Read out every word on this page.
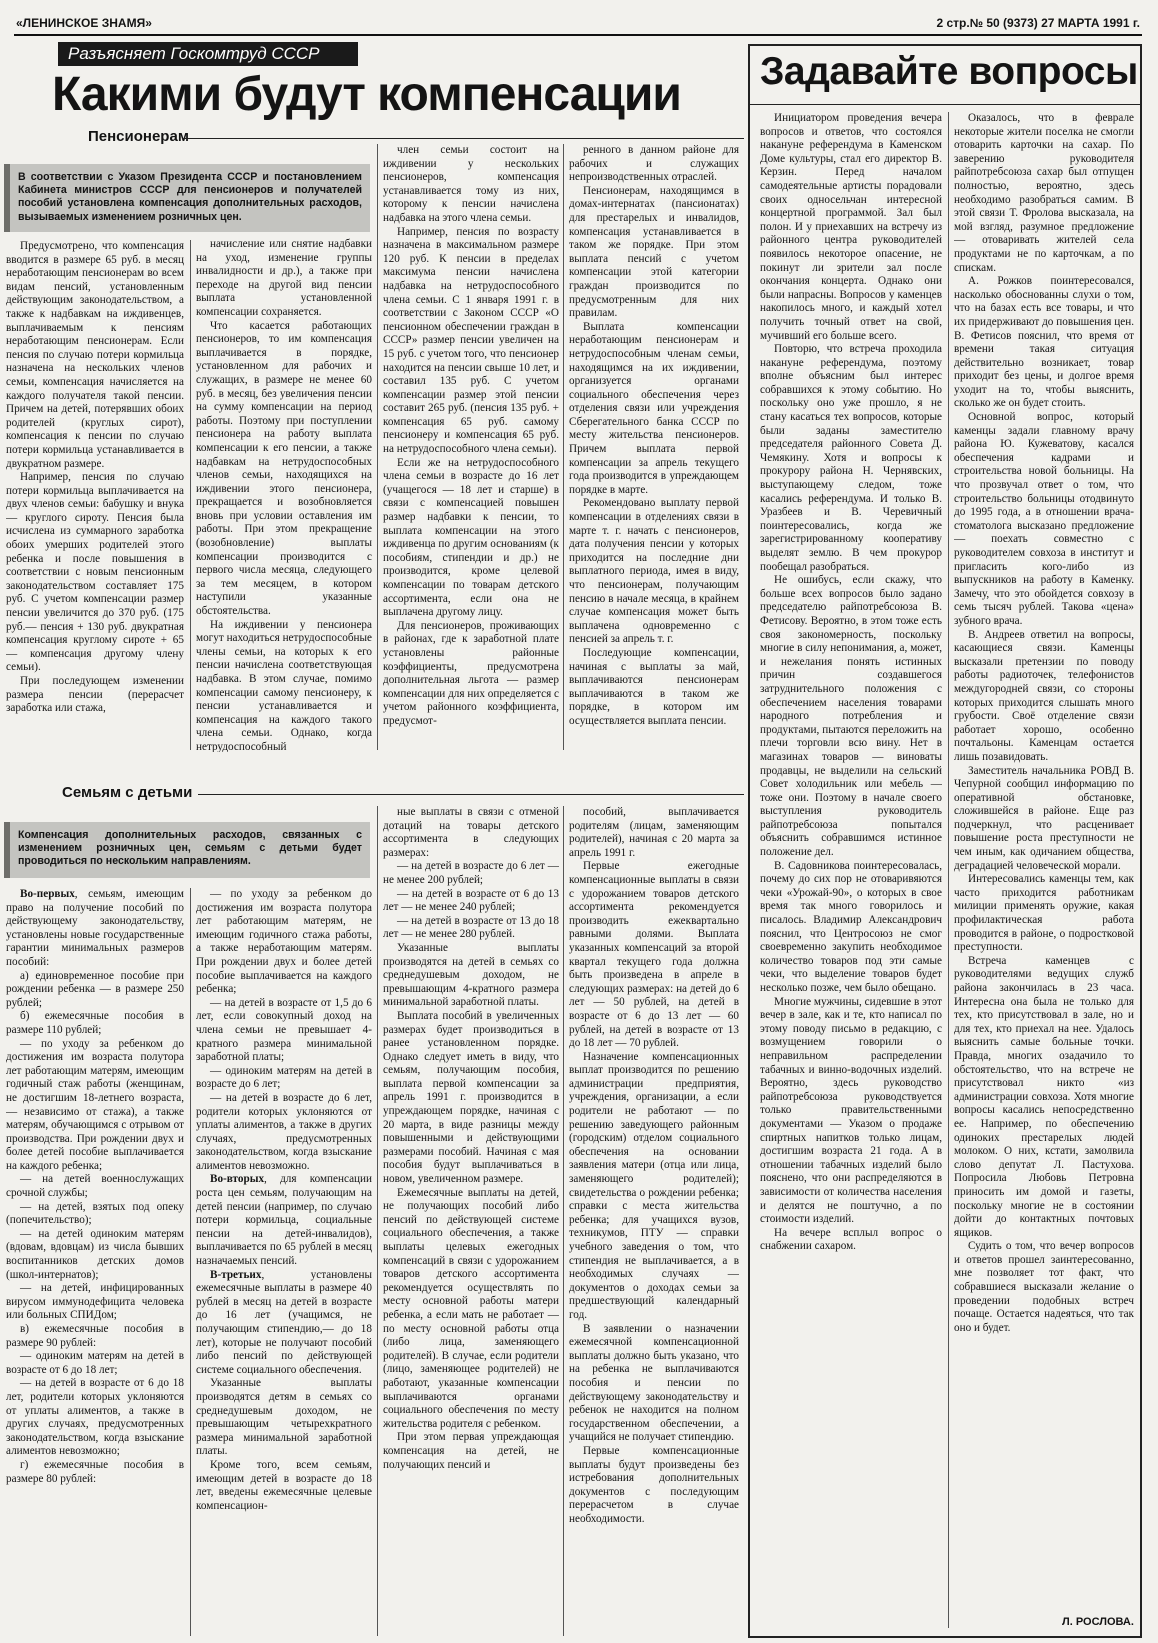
«ЛЕНИНСКОЕ ЗНАМЯ»	2 стр.№ 50 (9373) 27 МАРТА 1991 г.
Разъясняет Госкомтруд СССР
Какими будут компенсации
Пенсионерам
В соответствии с Указом Президента СССР и постановлением Кабинета министров СССР для пенсионеров и получателей пособий установлена компенсация дополнительных расходов, вызываемых изменением розничных цен.

Предусмотрено, что компенсация вводится в размере 65 руб. в месяц неработающим пенсионерам во всем видам пенсий, установленным действующим законодательством, а также к надбавкам на иждивенцев, выплачиваемым к пенсиям неработающим пенсионерам. Если пенсия по случаю потери кормильца назначена на нескольких членов семьи, компенсация начисляется на каждого получателя такой пенсии. Причем на детей, потерявших обоих родителей (круглых сирот), компенсация к пенсии по случаю потери кормильца устанавливается в двукратном размере.

Например, пенсия по случаю потери кормильца выплачивается на двух членов семьи: бабушку и внука — круглого сироту. Пенсия была исчислена из суммарного заработка обоих умерших родителей этого ребенка и после повышения в соответствии с новым пенсионным законодательством составляет 175 руб. С учетом компенсации размер пенсии увеличится до 370 руб. (175 руб.— пенсия + 130 руб. двукратная компенсация круглому сироте + 65 — компенсация другому члену семьи).

При последующем изменении размера пенсии (перерасчет заработка или стажа,

начисление или снятие надбавки на уход, изменение группы инвалидности и др.), а также при переходе на другой вид пенсии выплата установленной компенсации сохраняется.

Что касается работающих пенсионеров, то им компенсация выплачивается в порядке, установленном для рабочих и служащих, в размере не менее 60 руб. в месяц, без увеличения пенсии на сумму компенсации на период работы. Поэтому при поступлении пенсионера на работу выплата компенсации к его пенсии, а также надбавкам на нетрудоспособных членов семьи, находящихся на иждивении этого пенсионера, прекращается и возобновляется вновь при условии оставления им работы. При этом прекращение (возобновление) выплаты компенсации производится с первого числа месяца, следующего за тем месяцем, в котором наступили указанные обстоятельства.

На иждивении у пенсионера могут находиться нетрудоспособные члены семьи, на которых к его пенсии начислена соответствующая надбавка. В этом случае, помимо компенсации самому пенсионеру, к пенсии устанавливается и компенсация на каждого такого члена семьи. Однако, когда нетрудоспособный

член семьи состоит на иждивении у нескольких пенсионеров, компенсация устанавливается тому из них, которому к пенсии начислена надбавка на этого члена семьи.

Например, пенсия по возрасту назначена в максимальном размере 120 руб. К пенсии в пределах максимума пенсии начислена надбавка на нетрудоспособного члена семьи. С 1 января 1991 г. в соответствии с Законом СССР «О пенсионном обеспечении граждан в СССР» размер пенсии увеличен на 15 руб. с учетом того, что пенсионер находится на пенсии свыше 10 лет, и составил 135 руб. С учетом компенсации размер этой пенсии составит 265 руб. (пенсия 135 руб. + компенсация 65 руб. самому пенсионеру и компенсация 65 руб. на нетрудоспособного члена семьи).

Если же на нетрудоспособного члена семьи в возрасте до 16 лет (учащегося — 18 лет и старше) в связи с компенсацией повышен размер надбавки к пенсии, то выплата компенсации на этого иждивенца по другим основаниям (к пособиям, стипендии и др.) не производится, кроме целевой компенсации по товарам детского ассортимента, если она не выплачена другому лицу.

Для пенсионеров, проживающих в районах, где к заработной плате установлены районные коэффициенты, предусмотрена дополнительная льгота — размер компенсации для них определяется с учетом районного коэффициента, предусмот-

ренного в данном районе для рабочих и служащих непроизводственных отраслей.

Пенсионерам, находящимся в домах-интернатах (пансионатах) для престарелых и инвалидов, компенсация устанавливается в таком же порядке. При этом выплата пенсий с учетом компенсации этой категории граждан производится по предусмотренным для них правилам.

Выплата компенсации неработающим пенсионерам и нетрудоспособным членам семьи, находящимся на их иждивении, организуется органами социального обеспечения через отделения связи или учреждения Сберегательного банка СССР по месту жительства пенсионеров. Причем выплата первой компенсации за апрель текущего года производится в упреждающем порядке в марте.

Рекомендовано выплату первой компенсации в отделениях связи в марте т. г. начать с пенсионеров, дата получения пенсии у которых приходится на последние дни выплатного периода, имея в виду, что пенсионерам, получающим пенсию в начале месяца, в крайнем случае компенсация может быть выплачена одновременно с пенсией за апрель т. г.

Последующие компенсации, начиная с выплаты за май, выплачиваются пенсионерам выплачиваются в таком же порядке, в котором им осуществляется выплата пенсии.

Семьям с детьми
Компенсация дополнительных расходов, связанных с изменением розничных цен, семьям с детьми будет проводиться по нескольким направлениям.

Во-первых, семьям, имеющим право на получение пособий по действующему законодательству, установлены новые государственные гарантии минимальных размеров пособий:

а) единовременное пособие при рождении ребенка — в размере 250 рублей;

б) ежемесячные пособия в размере 110 рублей;

— по уходу за ребенком до достижения им возраста полутора лет работающим матерям, имеющим годичный стаж работы (женщинам, не достигшим 18-летнего возраста,— независимо от стажа), а также матерям, обучающимся с отрывом от производства. При рождении двух и более детей пособие выплачивается на каждого ребенка;

— на детей военнослужащих срочной службы;

— на детей, взятых под опеку (попечительство);

— на детей одиноким матерям (вдовам, вдовцам) из числа бывших воспитанников детских домов (школ-интернатов);

— на детей, инфицированных вирусом иммунодефицита человека или больных СПИДом;

в) ежемесячные пособия в размере 90 рублей:

— одиноким матерям на детей в возрасте от 6 до 18 лет;

— на детей в возрасте от 6 до 18 лет, родители которых уклоняются от уплаты алиментов, а также в других случаях, предусмотренных законодательством, когда взыскание алиментов невозможно;

г) ежемесячные пособия в размере 80 рублей:

— по уходу за ребенком до достижения им возраста полутора лет работающим матерям, не имеющим годичного стажа работы, а также неработающим матерям. При рождении двух и более детей пособие выплачивается на каждого ребенка;

— на детей в возрасте от 1,5 до 6 лет, если совокупный доход на члена семьи не превышает 4-кратного размера минимальной заработной платы;

— одиноким матерям на детей в возрасте до 6 лет;

— на детей в возрасте до 6 лет, родители которых уклоняются от уплаты алиментов, а также в других случаях, предусмотренных законодательством, когда взыскание алиментов невозможно.

Во-вторых, для компенсации роста цен семьям, получающим на детей пенсии (например, по случаю потери кормильца, социальные пенсии на детей-инвалидов), выплачивается по 65 рублей в месяц назначаемых пенсий.

В-третьих, установлены ежемесячные выплаты в размере 40 рублей в месяц на детей в возрасте до 16 лет (учащимся, не получающим стипендию,— до 18 лет), которые не получают пособий либо пенсий по действующей системе социального обеспечения.

Указанные выплаты производятся детям в семьях со среднедушевым доходом, не превышающим четырехкратного размера минимальной заработной платы.

Кроме того, всем семьям, имеющим детей в возрасте до 18 лет, введены ежемесячные целевые компенсацион-

ные выплаты в связи с отменой дотаций на товары детского ассортимента в следующих размерах:

— на детей в возрасте до 6 лет — не менее 200 рублей;

— на детей в возрасте от 6 до 13 лет — не менее 240 рублей;

— на детей в возрасте от 13 до 18 лет — не менее 280 рублей.

Указанные выплаты производятся на детей в семьях со среднедушевым доходом, не превышающим 4-кратного размера минимальной заработной платы.

Выплата пособий в увеличенных размерах будет производиться в ранее установленном порядке. Однако следует иметь в виду, что семьям, получающим пособия, выплата первой компенсации за апрель 1991 г. производится в упреждающем порядке, начиная с 20 марта, в виде разницы между повышенными и действующими размерами пособий. Начиная с мая пособия будут выплачиваться в новом, увеличенном размере.

Ежемесячные выплаты на детей, не получающих пособий либо пенсий по действующей системе социального обеспечения, а также выплаты целевых ежегодных компенсаций в связи с удорожанием товаров детского ассортимента рекомендуется осуществлять по месту основной работы матери ребенка, а если мать не работает — по месту основной работы отца (либо лица, заменяющего родителей). В случае, если родители (лицо, заменяющее родителей) не работают, указанные компенсации выплачиваются органами социального обеспечения по месту жительства родителя с ребенком.

При этом первая упреждающая компенсация на детей, не получающих пенсий и

пособий, выплачивается родителям (лицам, заменяющим родителей), начиная с 20 марта за апрель 1991 г.

Первые ежегодные компенсационные выплаты в связи с удорожанием товаров детского ассортимента рекомендуется производить ежеквартально равными долями. Выплата указанных компенсаций за второй квартал текущего года должна быть произведена в апреле в следующих размерах: на детей до 6 лет — 50 рублей, на детей в возрасте от 6 до 13 лет — 60 рублей, на детей в возрасте от 13 до 18 лет — 70 рублей.

Назначение компенсационных выплат производится по решению администрации предприятия, учреждения, организации, а если родители не работают — по решению заведующего районным (городским) отделом социального обеспечения на основании заявления матери (отца или лица, заменяющего родителей); свидетельства о рождении ребенка; справки с места жительства ребенка; для учащихся вузов, техникумов, ПТУ — справки учебного заведения о том, что стипендия не выплачивается, а в необходимых случаях — документов о доходах семьи за предшествующий календарный год.

В заявлении о назначении ежемесячной компенсационной выплаты должно быть указано, что на ребенка не выплачиваются пособия и пенсии по действующему законодательству и ребенок не находится на полном государственном обеспечении, а учащийся не получает стипендию.

Первые компенсационные выплаты будут произведены без истребования дополнительных документов с последующим перерасчетом в случае необходимости.

Задавайте вопросы

Инициатором проведения вечера вопросов и ответов, что состоялся накануне референдума в Каменском Доме культуры, стал его директор В. Керзин. Перед началом самодеятельные артисты порадовали своих односельчан интересной концертной программой. Зал был полон. И у приехавших на встречу из районного центра руководителей появилось некоторое опасение, не покинут ли зрители зал после окончания концерта. Однако они были напрасны. Вопросов у каменцев накопилось много, и каждый хотел получить точный ответ на свой, мучивший его больше всего.

Повторю, что встреча проходила накануне референдума, поэтому вполне объясним был интерес собравшихся к этому событию. Но поскольку оно уже прошло, я не стану касаться тех вопросов, которые были заданы заместителю председателя районного Совета Д. Чемякину. Хотя и вопросы к прокурору района Н. Чернявских, выступающему следом, тоже касались референдума. И только В. Уразбеев и В. Черевичный поинтересовались, когда же зарегистрированному кооперативу выделят землю. В чем прокурор пообещал разобраться.

Не ошибусь, если скажу, что больше всех вопросов было задано председателю райпотребсоюза В. Фетисову. Вероятно, в этом тоже есть своя закономерность, поскольку многие в силу непонимания, а, может, и нежелания понять истинных причин создавшегося затруднительного положения с обеспечением населения товарами народного потребления и продуктами, пытаются переложить на плечи торговли всю вину. Нет в магазинах товаров — виноваты продавцы, не выделили на сельский Совет холодильник или мебель — тоже они. Поэтому в начале своего выступления руководитель райпотребсоюза попытался объяснить собравшимся истинное положение дел.

В. Садовникова поинтересовалась, почему до сих пор не отоваривяются чеки «Урожай-90», о которых в свое время так много говорилось и писалось. Владимир Александрович пояснил, что Центросоюз не смог своевременно закупить необходимое количество товаров под эти самые чеки, что выделение товаров будет несколько позже, чем было обещано.

Многие мужчины, сидевшие в этот вечер в зале, как и те, кто написал по этому поводу письмо в редакцию, с возмущением говорили о неправильном распределении табачных и винно-водочных изделий. Вероятно, здесь руководство райпотребсоюза руководствуется только правительственными документами — Указом о продаже спиртных напитков только лицам, достигшим возраста 21 года. А в отношении табачных изделий было пояснено, что они распределяются в зависимости от количества населения и делятся не поштучно, а по стоимости изделий.

На вечере всплыл вопрос о снабжении сахаром.

Оказалось, что в феврале некоторые жители поселка не смогли отоварить карточки на сахар. По заверению руководителя райпотребсоюза сахар был отпущен полностью, вероятно, здесь необходимо разобраться самим. В этой связи Т. Фролова высказала, на мой взгляд, разумное предложение — отоваривать жителей села продуктами не по карточкам, а по спискам.

А. Рожков поинтересовался, насколько обоснованны слухи о том, что на базах есть все товары, и что их придерживают до повышения цен. В. Фетисов пояснил, что время от времени такая ситуация действительно возникает, товар приходит без цены, и долгое время уходит на то, чтобы выяснить, сколько же он будет стоить.

Основной вопрос, который каменцы задали главному врачу района Ю. Кужеватову, касался обеспечения кадрами и строительства новой больницы. На что прозвучал ответ о том, что строительство больницы отодвинуто до 1995 года, а в отношении врача-стоматолога высказано предложение — поехать совместно с руководителем совхоза в институт и пригласить кого-либо из выпускников на работу в Каменку. Замечу, что это обойдется совхозу в семь тысяч рублей. Такова «цена» зубного врача.

В. Андреев ответил на вопросы, касающиеся связи. Каменцы высказали претензии по поводу работы радиоточек, телефонистов междугородней связи, со стороны которых приходится слышать много грубости. Своё отделение связи работает хорошо, особенно почтальоны. Каменцам остается лишь позавидовать.

Заместитель начальника РОВД В. Чепурной сообщил информацию по оперативной обстановке, сложившейся в районе. Еще раз подчеркнул, что расценивает повышение роста преступности не чем иным, как одичанием общества, деградацией человеческой морали.

Интересовались каменцы тем, как часто приходится работникам милиции применять оружие, какая профилактическая работа проводится в районе, о подростковой преступности.

Встреча каменцев с руководителями ведущих служб района закончилась в 23 часа. Интересна она была не только для тех, кто присутствовал в зале, но и для тех, кто приехал на нее. Удалось выяснить самые больные точки. Правда, многих озадачило то обстоятельство, что на встрече не присутствовал никто «из администрации совхоза. Хотя многие вопросы касались непосредственно ее. Например, по обеспечению одиноких престарелых людей молоком. О них, кстати, замолвила слово депутат Л. Пастухова. Попросила Любовь Петровна приносить им домой и газеты, поскольку многие не в состоянии дойти до контактных почтовых ящиков.

Судить о том, что вечер вопросов и ответов прошел заинтересованно, мне позволяет тот факт, что собравшиеся высказали желание о проведении подобных встреч почаще. Остается надеяться, что так оно и будет.

Л. РОСЛОВА.
